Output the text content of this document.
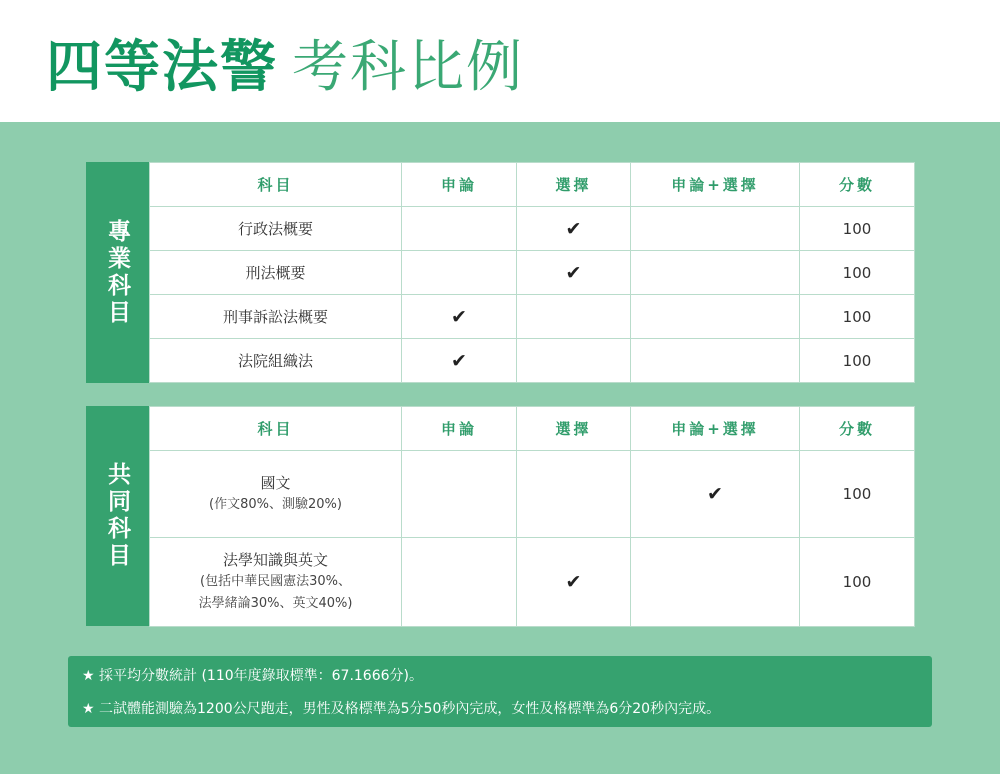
四等法警 考科比例
專業科目
科目	申論	選擇	申論+選擇	分數
行政法概要		✔		100
刑法概要		✔		100
刑事訴訟法概要	✔			100
法院組織法	✔			100
共同科目
科目	申論	選擇	申論+選擇	分數

國文
(作文80%、測驗20%)			✔	100

法學知識與英文
(包括中華民國憲法30%、
法學緒論30%、英文40%)		✔		100
★ 採平均分數統計 (110年度錄取標準：67.1666分)。
★ 二試體能測驗為1200公尺跑走，男性及格標準為5分50秒內完成，女性及格標準為6分20秒內完成。
